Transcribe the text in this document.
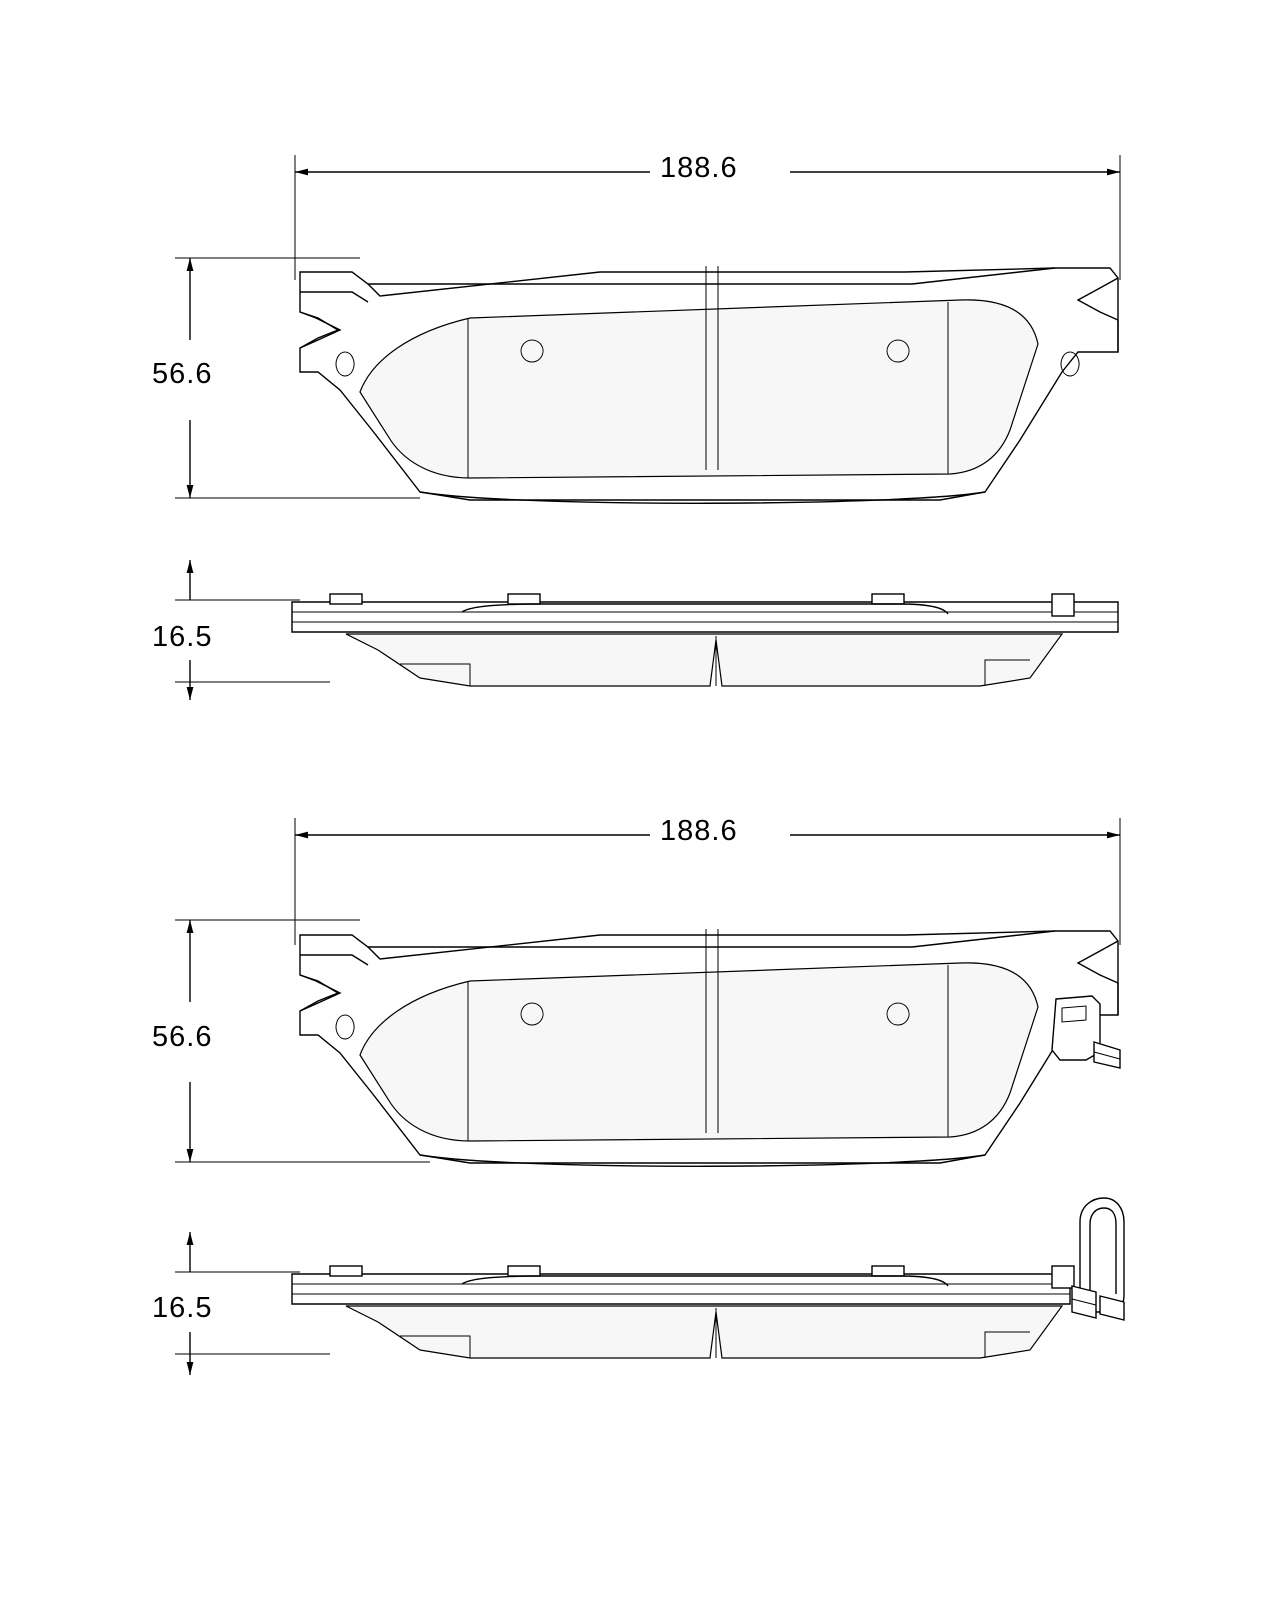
188.6
56.6
16.5
188.6
56.6
16.5
